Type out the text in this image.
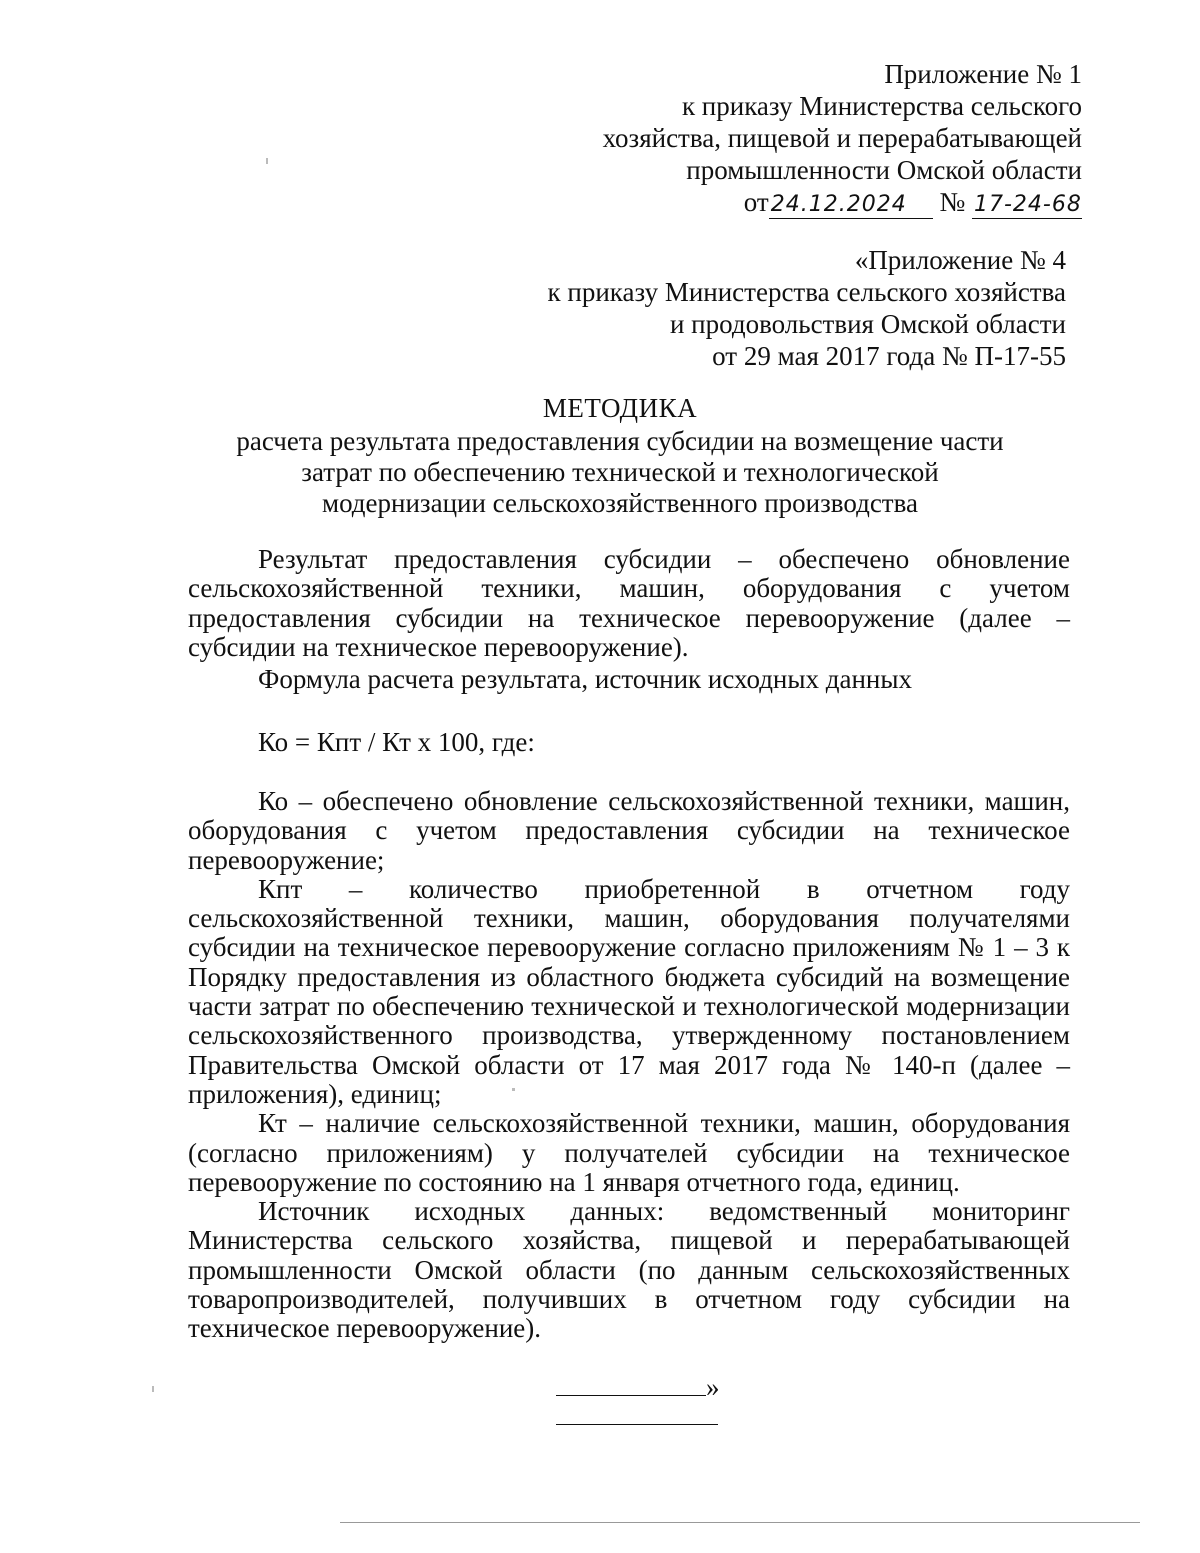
Приложение № 1
к приказу Министерства сельского
хозяйства, пищевой и перерабатывающей
промышленности Омской области
от24.12.2024 № 17-24-68
«Приложение № 4
к приказу Министерства сельского хозяйства
и продовольствия Омской области
от 29 мая 2017 года № П-17-55
МЕТОДИКА
расчета результата предоставления субсидии на возмещение части
затрат по обеспечению технической и технологической
модернизации сельскохозяйственного производства

Результат предоставления субсидии – обеспечено обновление сельскохозяйственной техники, машин, оборудования с учетом предоставления субсидии на техническое перевооружение (далее – субсидии на техническое перевооружение).

Формула расчета результата, источник исходных данных

Ко = Кпт / Кт х 100, где:

Ко – обеспечено обновление сельскохозяйственной техники, машин, оборудования с учетом предоставления субсидии на техническое перевооружение;

Кпт – количество приобретенной в отчетном году сельскохозяйственной техники, машин, оборудования получателями субсидии на техническое перевооружение согласно приложениям № 1 – 3 к Порядку предоставления из областного бюджета субсидий на возмещение части затрат по обеспечению технической и технологической модернизации сельскохозяйственного производства, утвержденному постановлением Правительства Омской области от 17 мая 2017 года № 140-п (далее – приложения), единиц;

Кт – наличие сельскохозяйственной техники, машин, оборудования (согласно приложениям) у получателей субсидии на техническое перевооружение по состоянию на 1 января отчетного года, единиц.

Источник исходных данных: ведомственный мониторинг Министерства сельского хозяйства, пищевой и перерабатывающей промышленности Омской области (по данным сельскохозяйственных товаропроизводителей, получивших в отчетном году субсидии на техническое перевооружение).

»
